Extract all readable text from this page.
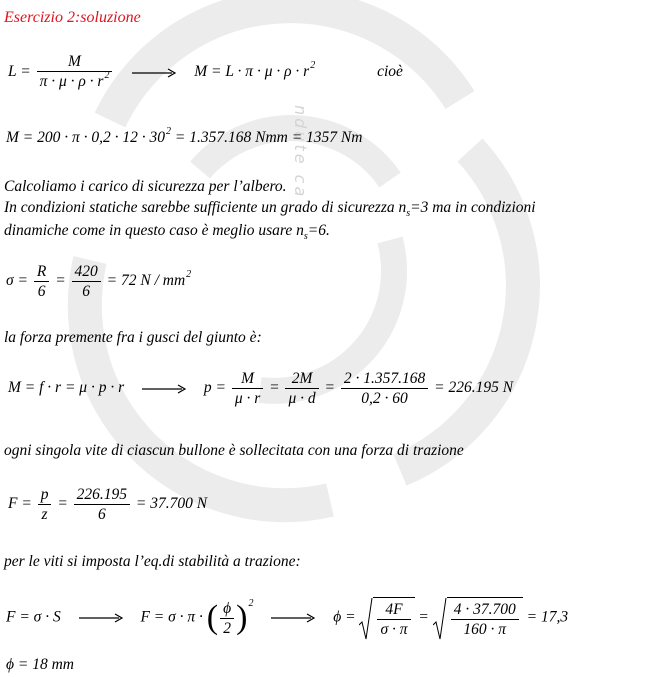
ndute ca
Esercizio 2:soluzione
$L = \frac{M}{\pi \cdot \mu \cdot \rho \cdot r^2}$	$M = L \cdot \pi \cdot \mu \cdot \rho \cdot r^2$	cioè
$M = 200 \cdot \pi \cdot 0,2 \cdot 12 \cdot 30^2 = 1.357.168$ Nmm = 1357 Nm
Calcoliamo i carico di sicurezza per l’albero.
In condizioni statiche sarebbe sufficiente un grado di sicurezza $n_s=3$ ma in condizioni
dinamiche come in questo caso è meglio usare $n_s=6$.
$\sigma = \frac{R}{6} = \frac{420}{6} = 72$ N / $mm^2$
la forza premente fra i gusci del giunto è:
M = f · r = μ · p · r	$p = \frac{M}{\mu \cdot r} = \frac{2M}{\mu \cdot d} = \frac{2 \cdot 1.357.168}{0,2 \cdot 60} = 226.195$ N
ogni singola vite di ciascun bullone è sollecitata con una forza di trazione
$F = \frac{p}{z} = \frac{226.195}{6} = 37.700$ N
per le viti si imposta l’eq.di stabilità a trazione:
F = σ · S	F = σ · π · ( $\frac{\phi}{2} )^2$  $\phi = \frac{4F}{\sigma \cdot \pi} = \frac{4 \cdot 37.700}{160 \cdot \pi} = 17,3$
ϕ = 18 mm
